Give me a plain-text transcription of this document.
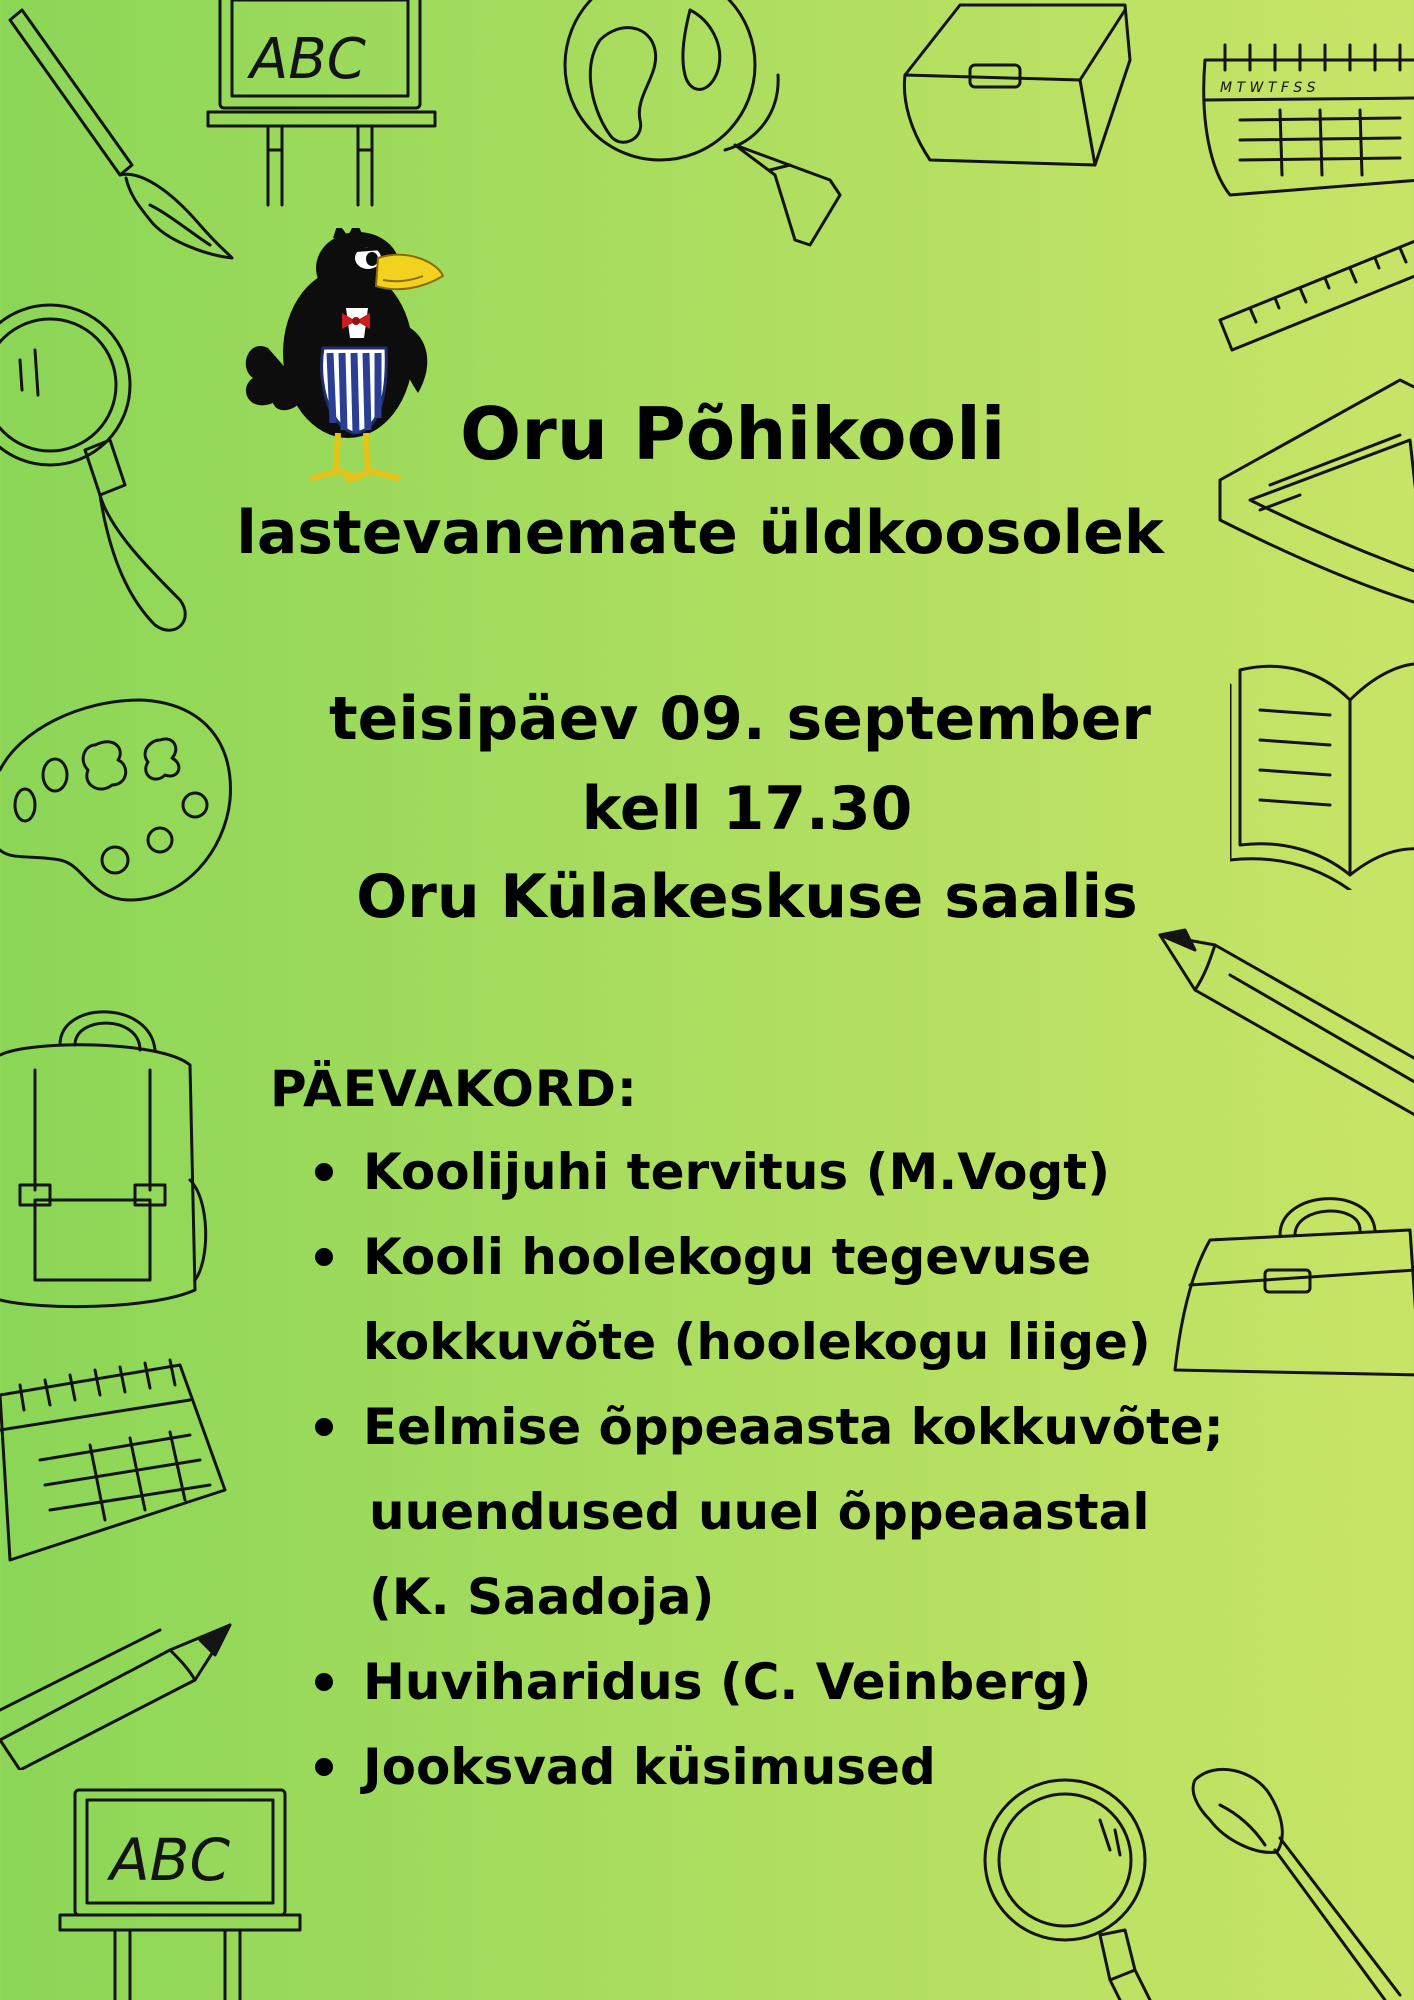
ABC	M T W T F S S
ABC
Oru Põhikooli
lastevanemate üldkoosolek
teisipäev 09. september
kell 17.30
Oru Külakeskuse saalis
PÄEVAKORD:
Koolijuhi tervitus (M.Vogt)
Kooli hoolekogu tegevuse
kokkuvõte (hoolekogu liige)
Eelmise õppeaasta kokkuvõte;
uuendused uuel õppeaastal
(K. Saadoja)
Huviharidus (C. Veinberg)
Jooksvad küsimused
